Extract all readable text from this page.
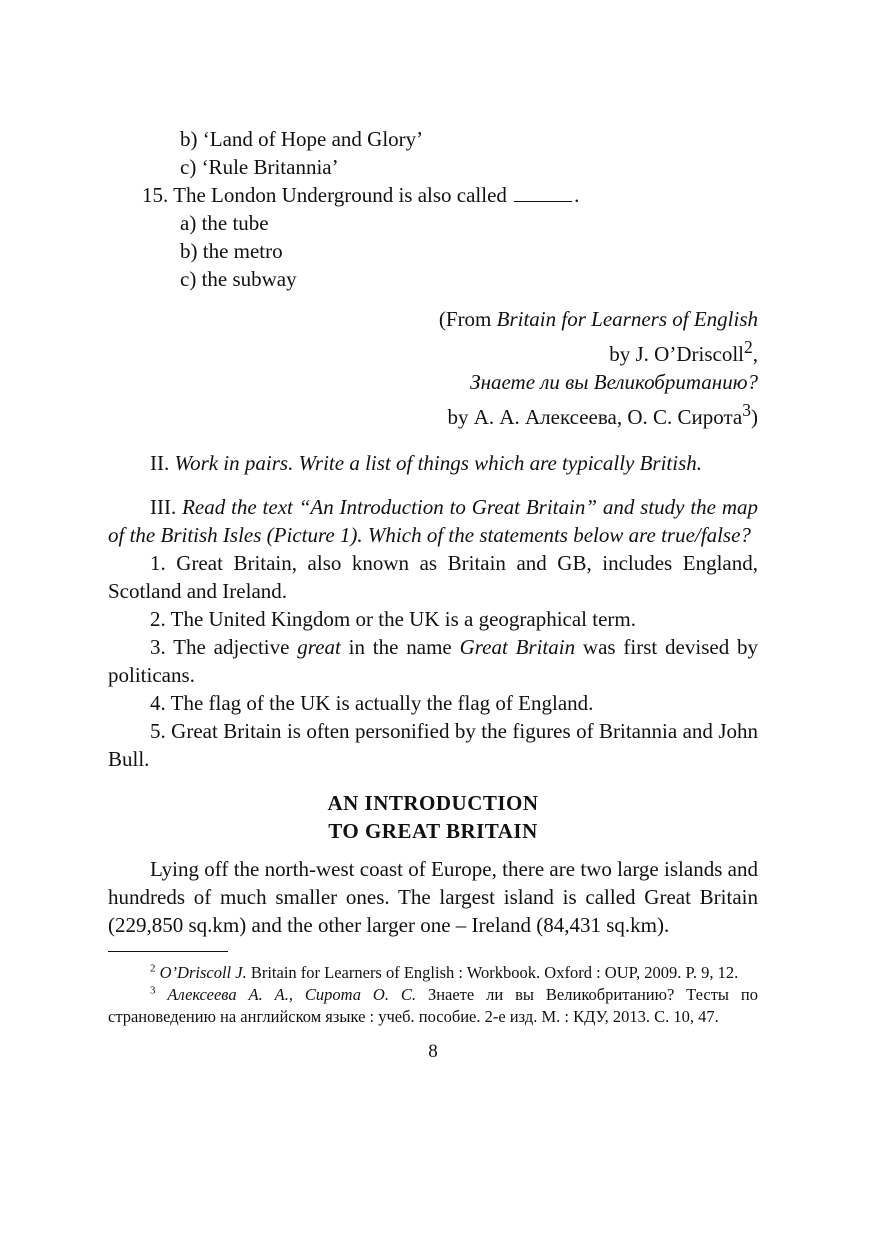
b) ‘Land of Hope and Glory’

c) ‘Rule Britannia’

15. The London Underground is also called	.

a) the tube

b) the metro

c) the subway

(From Britain for Learners of English
by J. O’Driscoll$^2$,
Знаете ли вы Великобританию?
by А. А. Алексеева, О. С. Сирота$^3$)

II. Work in pairs. Write a list of things which are typically British.

III. Read the text “An Introduction to Great Britain” and study the map of the British Isles (Picture 1). Which of the statements below are true/false?

1. Great Britain, also known as Britain and GB, includes England, Scotland and Ireland.

2. The United Kingdom or the UK is a geographical term.

3. The adjective great in the name Great Britain was first devised by politicans.

4. The flag of the UK is actually the flag of England.

5. Great Britain is often personified by the figures of Britannia and John Bull.

AN INTRODUCTION
TO GREAT BRITAIN

Lying off the north-west coast of Europe, there are two large islands and hundreds of much smaller ones. The largest island is called Great Britain (229,850 sq.km) and the other larger one – Ireland (84,431 sq.km).

$^2$ O’Driscoll J. Britain for Learners of English : Workbook. Oxford : OUP, 2009. P. 9, 12.

$^3$ Алексеева А. А., Сирота О. С. Знаете ли вы Великобританию? Тесты по страноведению на английском языке : учеб. пособие. 2-е изд. М. : КДУ, 2013. С. 10, 47.

8
